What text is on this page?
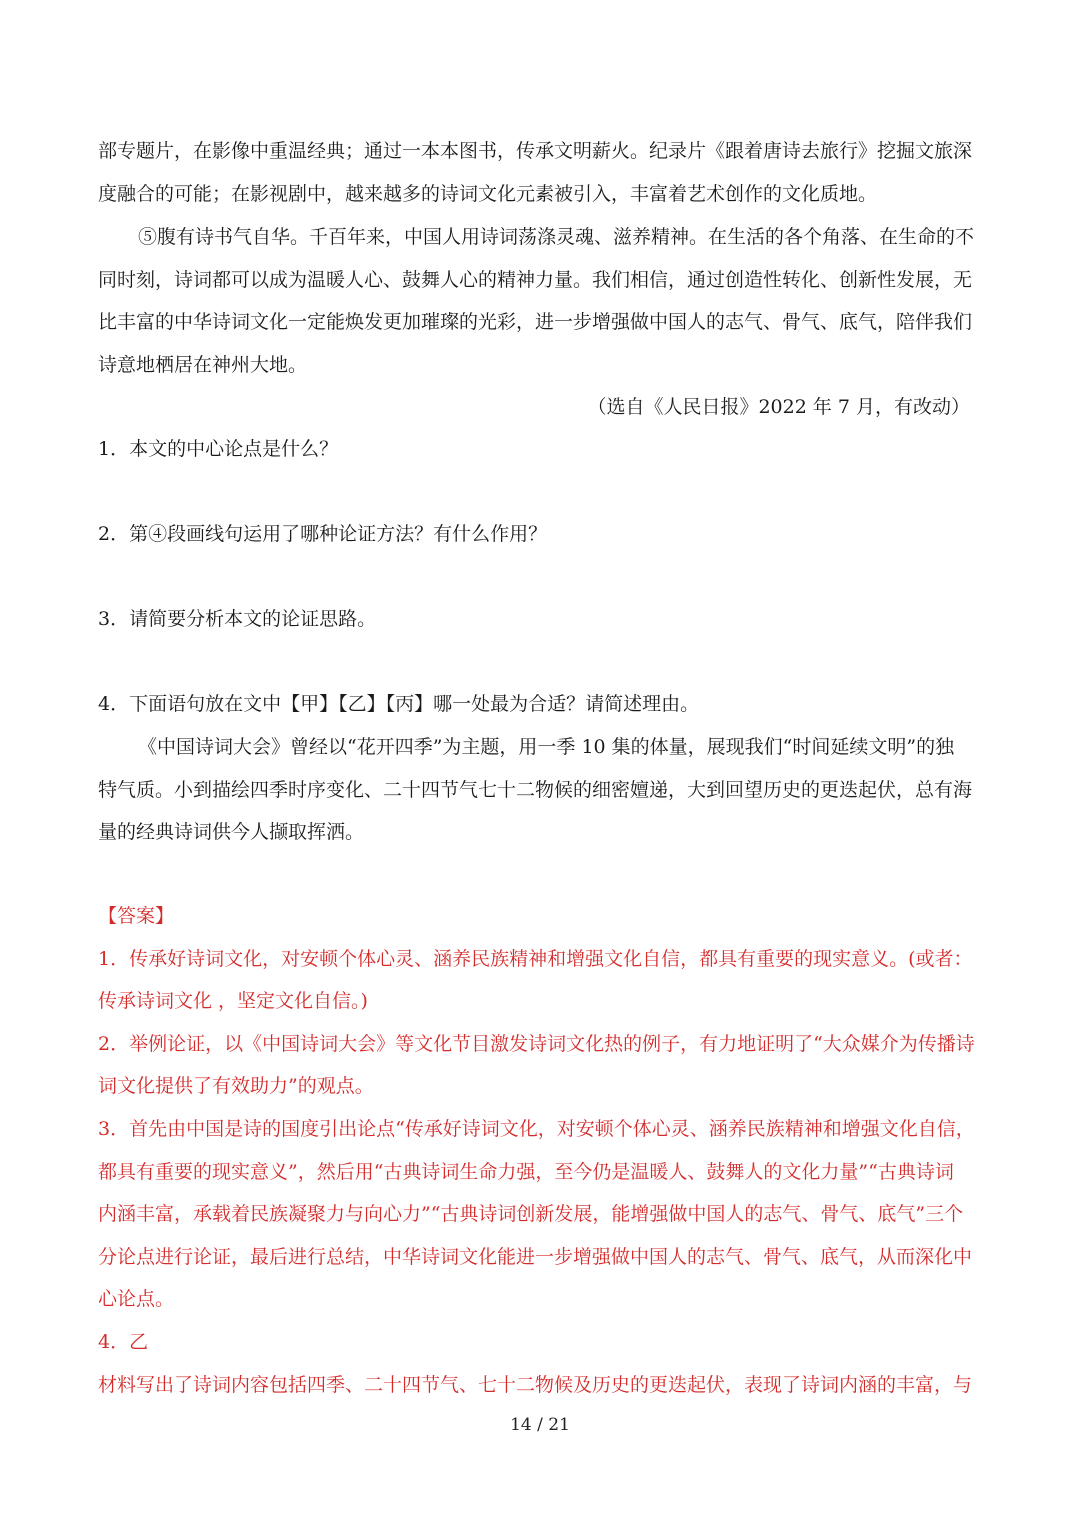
部专题片，在影像中重温经典；通过一本本图书，传承文明薪火。纪录片《跟着唐诗去旅行》挖掘文旅深
度融合的可能；在影视剧中，越来越多的诗词文化元素被引入，丰富着艺术创作的文化质地。
⑤腹有诗书气自华。千百年来，中国人用诗词荡涤灵魂、滋养精神。在生活的各个角落、在生命的不
同时刻，诗词都可以成为温暖人心、鼓舞人心的精神力量。我们相信，通过创造性转化、创新性发展，无
比丰富的中华诗词文化一定能焕发更加璀璨的光彩，进一步增强做中国人的志气、骨气、底气，陪伴我们
诗意地栖居在神州大地。
（选自《人民日报》2022 年 7 月，有改动）
1．本文的中心论点是什么？
2．第④段画线句运用了哪种论证方法？有什么作用？
3．请简要分析本文的论证思路。
4．下面语句放在文中【甲】【乙】【丙】哪一处最为合适？请简述理由。
《中国诗词大会》曾经以“花开四季”为主题，用一季 10 集的体量，展现我们“时间延续文明”的独
特气质。小到描绘四季时序变化、二十四节气七十二物候的细密嬗递，大到回望历史的更迭起伏，总有海
量的经典诗词供今人撷取挥洒。
【答案】
1．传承好诗词文化，对安顿个体心灵、涵养民族精神和增强文化自信，都具有重要的现实意义。(或者：
传承诗词文化 ，坚定文化自信。)
2．举例论证，以《中国诗词大会》等文化节目激发诗词文化热的例子，有力地证明了“大众媒介为传播诗
词文化提供了有效助力”的观点。
3．首先由中国是诗的国度引出论点“传承好诗词文化，对安顿个体心灵、涵养民族精神和增强文化自信，
都具有重要的现实意义”，然后用“古典诗词生命力强，至今仍是温暖人、鼓舞人的文化力量”“古典诗词
内涵丰富，承载着民族凝聚力与向心力”“古典诗词创新发展，能增强做中国人的志气、骨气、底气”三个
分论点进行论证，最后进行总结，中华诗词文化能进一步增强做中国人的志气、骨气、底气，从而深化中
心论点。
4．乙
材料写出了诗词内容包括四季、二十四节气、七十二物候及历史的更迭起伏，表现了诗词内涵的丰富，与
14 / 21
